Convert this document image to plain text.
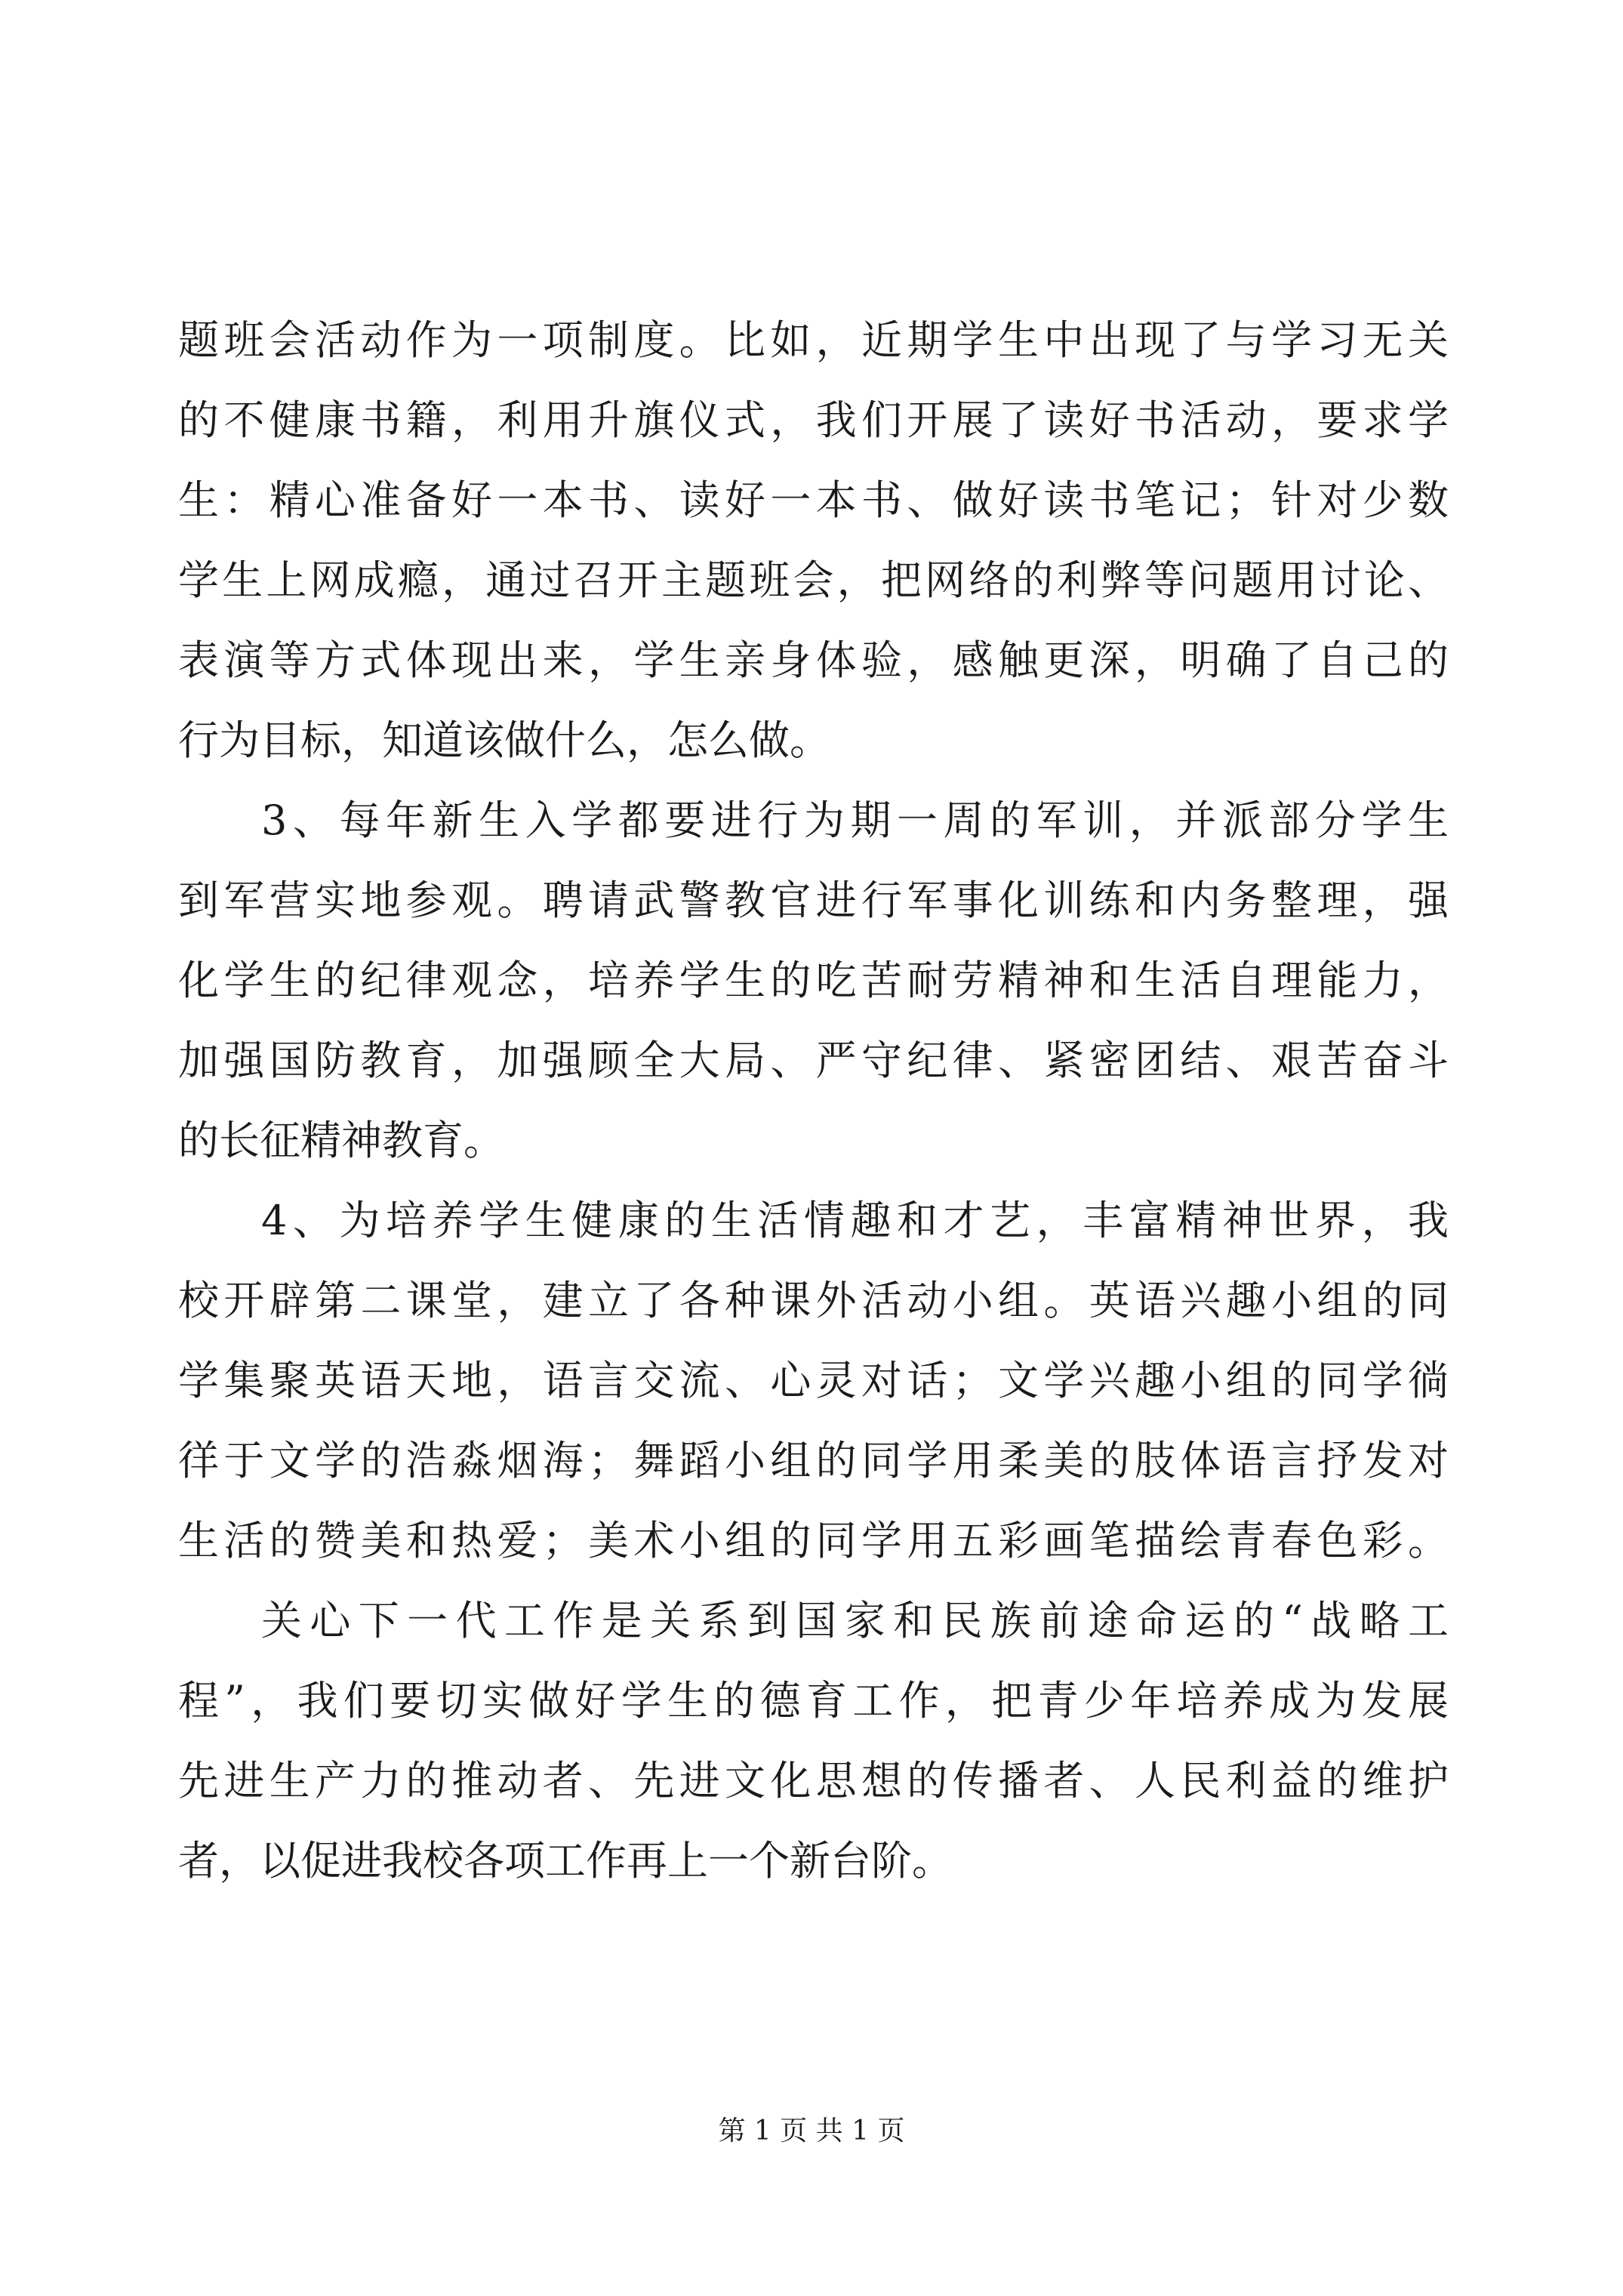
题班会活动作为一项制度。比如，近期学生中出现了与学习无关
的不健康书籍，利用升旗仪式，我们开展了读好书活动，要求学
生：精心准备好一本书、读好一本书、做好读书笔记；针对少数
学生上网成瘾，通过召开主题班会，把网络的利弊等问题用讨论、
表演等方式体现出来，学生亲身体验，感触更深，明确了自己的
行为目标，知道该做什么，怎么做。
3、每年新生入学都要进行为期一周的军训，并派部分学生
到军营实地参观。聘请武警教官进行军事化训练和内务整理，强
化学生的纪律观念，培养学生的吃苦耐劳精神和生活自理能力，
加强国防教育，加强顾全大局、严守纪律、紧密团结、艰苦奋斗
的长征精神教育。
4、为培养学生健康的生活情趣和才艺，丰富精神世界，我
校开辟第二课堂，建立了各种课外活动小组。英语兴趣小组的同
学集聚英语天地，语言交流、心灵对话；文学兴趣小组的同学徜
徉于文学的浩淼烟海；舞蹈小组的同学用柔美的肢体语言抒发对
生活的赞美和热爱；美术小组的同学用五彩画笔描绘青春色彩。
关心下一代工作是关系到国家和民族前途命运的“战略工
程”，我们要切实做好学生的德育工作，把青少年培养成为发展
先进生产力的推动者、先进文化思想的传播者、人民利益的维护
者，以促进我校各项工作再上一个新台阶。
第 1 页 共 1 页
